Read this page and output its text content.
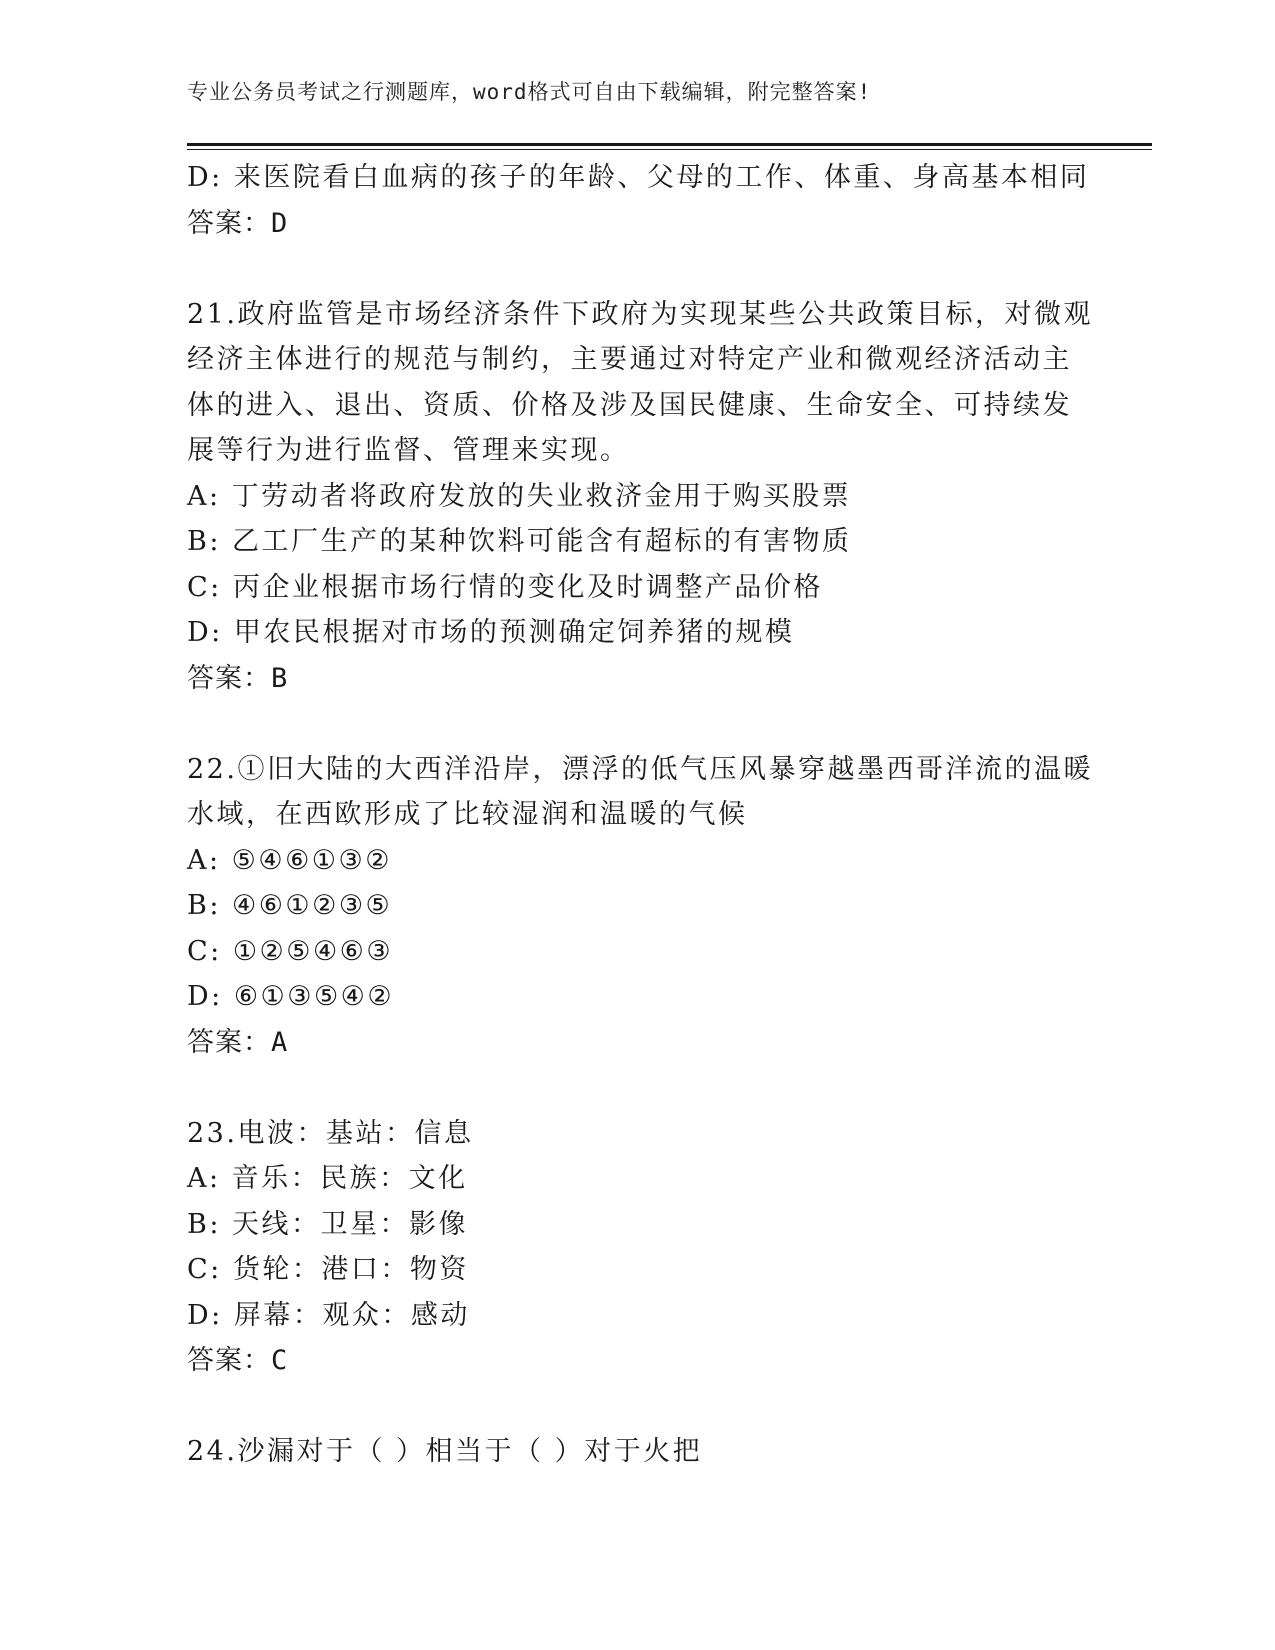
专业公务员考试之行测题库，word格式可自由下载编辑，附完整答案!
D: 来医院看白血病的孩子的年龄、父母的工作、体重、身高基本相同
答案：D
21.政府监管是市场经济条件下政府为实现某些公共政策目标，对微观
经济主体进行的规范与制约，主要通过对特定产业和微观经济活动主
体的进入、退出、资质、价格及涉及国民健康、生命安全、可持续发
展等行为进行监督、管理来实现。
A: 丁劳动者将政府发放的失业救济金用于购买股票
B: 乙工厂生产的某种饮料可能含有超标的有害物质
C: 丙企业根据市场行情的变化及时调整产品价格
D: 甲农民根据对市场的预测确定饲养猪的规模
答案：B
22.①旧大陆的大西洋沿岸，漂浮的低气压风暴穿越墨西哥洋流的温暖
水域，在西欧形成了比较湿润和温暖的气候
A: ⑤④⑥①③②
B: ④⑥①②③⑤
C: ①②⑤④⑥③
D: ⑥①③⑤④②
答案：A
23.电波：基站：信息
A: 音乐：民族：文化
B: 天线：卫星：影像
C: 货轮：港口：物资
D: 屏幕：观众：感动
答案：C
24.沙漏对于（ ）相当于（ ）对于火把
